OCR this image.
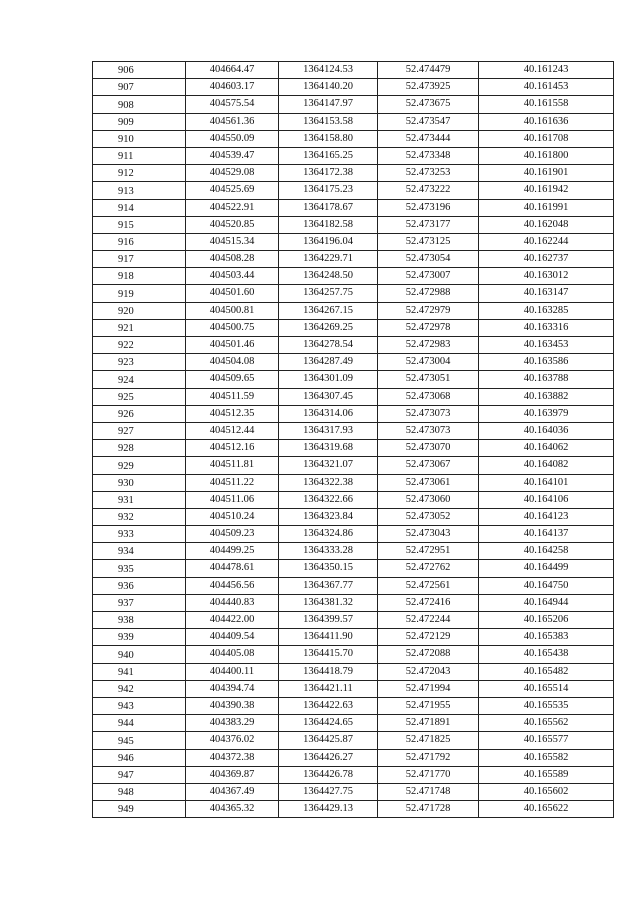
906	404664.47	1364124.53	52.474479	40.161243
907	404603.17	1364140.20	52.473925	40.161453
908	404575.54	1364147.97	52.473675	40.161558
909	404561.36	1364153.58	52.473547	40.161636
910	404550.09	1364158.80	52.473444	40.161708
911	404539.47	1364165.25	52.473348	40.161800
912	404529.08	1364172.38	52.473253	40.161901
913	404525.69	1364175.23	52.473222	40.161942
914	404522.91	1364178.67	52.473196	40.161991
915	404520.85	1364182.58	52.473177	40.162048
916	404515.34	1364196.04	52.473125	40.162244
917	404508.28	1364229.71	52.473054	40.162737
918	404503.44	1364248.50	52.473007	40.163012
919	404501.60	1364257.75	52.472988	40.163147
920	404500.81	1364267.15	52.472979	40.163285
921	404500.75	1364269.25	52.472978	40.163316
922	404501.46	1364278.54	52.472983	40.163453
923	404504.08	1364287.49	52.473004	40.163586
924	404509.65	1364301.09	52.473051	40.163788
925	404511.59	1364307.45	52.473068	40.163882
926	404512.35	1364314.06	52.473073	40.163979
927	404512.44	1364317.93	52.473073	40.164036
928	404512.16	1364319.68	52.473070	40.164062
929	404511.81	1364321.07	52.473067	40.164082
930	404511.22	1364322.38	52.473061	40.164101
931	404511.06	1364322.66	52.473060	40.164106
932	404510.24	1364323.84	52.473052	40.164123
933	404509.23	1364324.86	52.473043	40.164137
934	404499.25	1364333.28	52.472951	40.164258
935	404478.61	1364350.15	52.472762	40.164499
936	404456.56	1364367.77	52.472561	40.164750
937	404440.83	1364381.32	52.472416	40.164944
938	404422.00	1364399.57	52.472244	40.165206
939	404409.54	1364411.90	52.472129	40.165383
940	404405.08	1364415.70	52.472088	40.165438
941	404400.11	1364418.79	52.472043	40.165482
942	404394.74	1364421.11	52.471994	40.165514
943	404390.38	1364422.63	52.471955	40.165535
944	404383.29	1364424.65	52.471891	40.165562
945	404376.02	1364425.87	52.471825	40.165577
946	404372.38	1364426.27	52.471792	40.165582
947	404369.87	1364426.78	52.471770	40.165589
948	404367.49	1364427.75	52.471748	40.165602
949	404365.32	1364429.13	52.471728	40.165622
